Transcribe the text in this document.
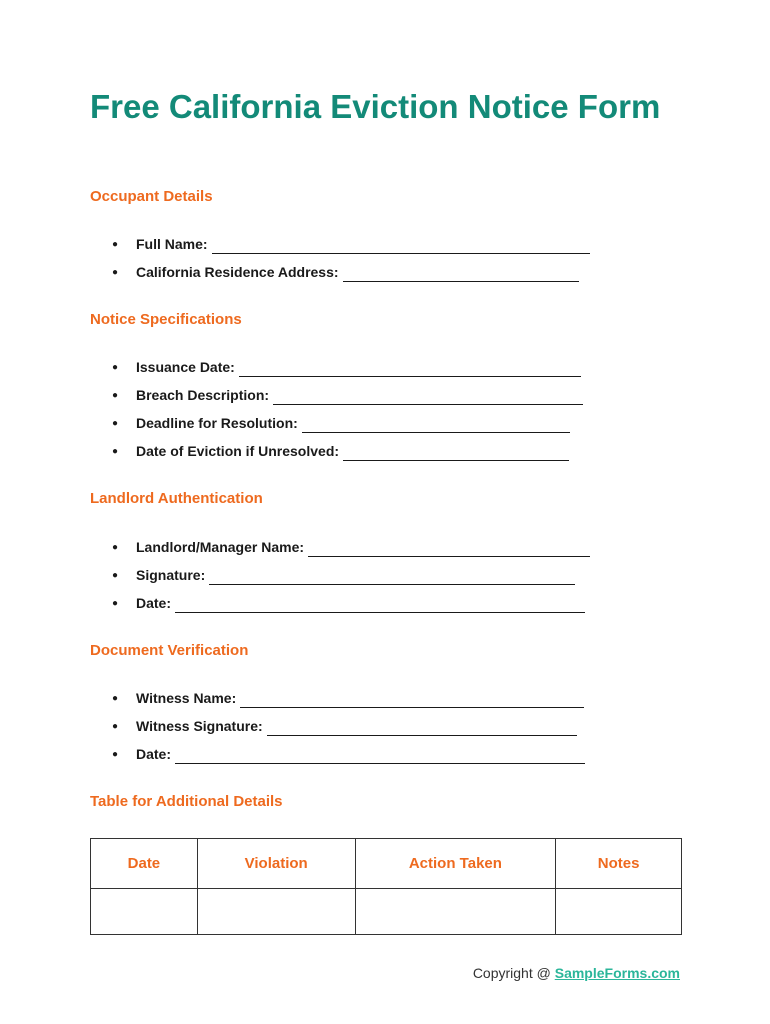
Free California Eviction Notice Form
Occupant Details
●	Full Name:
●	California Residence Address:
Notice Specifications
●	Issuance Date:
●	Breach Description:
●	Deadline for Resolution:
●	Date of Eviction if Unresolved:
Landlord Authentication
●	Landlord/Manager Name:
●	Signature:
●	Date:
Document Verification
●	Witness Name:
●	Witness Signature:
●	Date:
Table for Additional Details
Date	Violation	Action Taken	Notes

Copyright @ SampleForms.com
